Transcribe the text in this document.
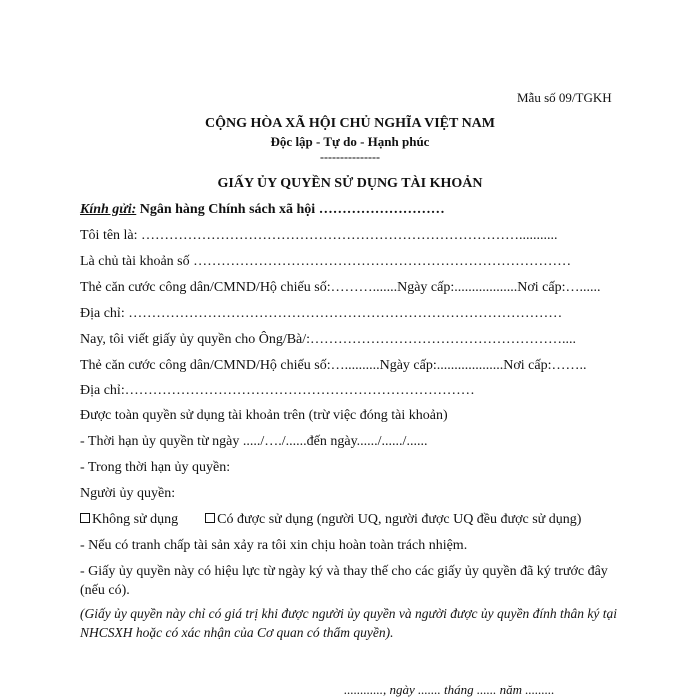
Mẫu số 09/TGKH
CỘNG HÒA XÃ HỘI CHỦ NGHĨA VIỆT NAM
Độc lập - Tự do - Hạnh phúc
---------------
GIẤY ỦY QUYỀN SỬ DỤNG TÀI KHOẢN
Kính gửi: Ngân hàng Chính sách xã hội ………………………
Tôi tên là: ………………………………………………………………………...........
Là chủ tài khoản số ………………………………………………………………………
Thẻ căn cước công dân/CMND/Hộ chiếu số:……….......Ngày cấp:..................Nơi cấp:…......
Địa chỉ: …………………………………………………………………………………
Nay, tôi viết giấy ủy quyền cho Ông/Bà/:………………………………………………....
Thẻ căn cước công dân/CMND/Hộ chiếu số:…..........Ngày cấp:...................Nơi cấp:……..
Địa chỉ:…………………………………………………………………
Được toàn quyền sử dụng tài khoản trên (trừ việc đóng tài khoản)
- Thời hạn ủy quyền từ ngày ...../…./......đến ngày....../....../......
- Trong thời hạn ủy quyền:
Người ủy quyền:
Không sử dụng	Có được sử dụng (người UQ, người được UQ đều được sử dụng)
- Nếu có tranh chấp tài sản xảy ra tôi xin chịu hoàn toàn trách nhiệm.
- Giấy ủy quyền này có hiệu lực từ ngày ký và thay thế cho các giấy ủy quyền đã ký trước đây (nếu có).
(Giấy ủy quyền này chỉ có giá trị khi được người ủy quyền và người được ủy quyền đính thân ký tại NHCSXH hoặc có xác nhận của Cơ quan có thẩm quyền).
............, ngày ....... tháng ...... năm .........
